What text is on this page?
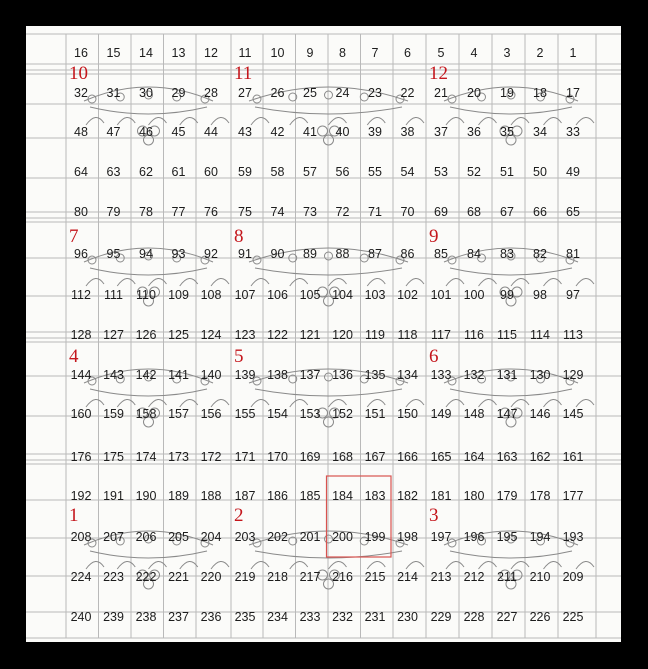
16	15	14	13	12	11	10	9	8	7	6	5	4	3	2	1
32	31	30	29	28	27	26	25	24	23	22	21	20	19	18	17
48	47	46	45	44	43	42	41	40	39	38	37	36	35	34	33
64	63	62	61	60	59	58	57	56	55	54	53	52	51	50	49
80	79	78	77	76	75	74	73	72	71	70	69	68	67	66	65
96	95	94	93	92	91	90	89	88	87	86	85	84	83	82	81
112	111	110 109 108 107 106 105 104 103 102 101 100	99	98	97
128 127 126 125 124 123 122 121 120 119	118	117	116	115	114	113
144 143 142 141 140 139 138 137 136 135 134 133 132 131 130 129
160 159 158 157 156 155 154 153 152 151 150 149 148 147 146 145
176 175 174 173 172 171 170 169 168 167 166 165 164 163 162 161
192 191 190 189 188 187 186 185 184 183 182 181 180 179 178 177
208 207 206 205 204 203 202 201 200 199 198 197 196 195 194 193
224 223 222 221 220 219 218 217 216 215 214 213 212	211	210 209
240 239 238 237 236 235 234 233 232 231 230 229 228 227 226 225
10	11	12
7	8	9
4	5	6
1	2	3
